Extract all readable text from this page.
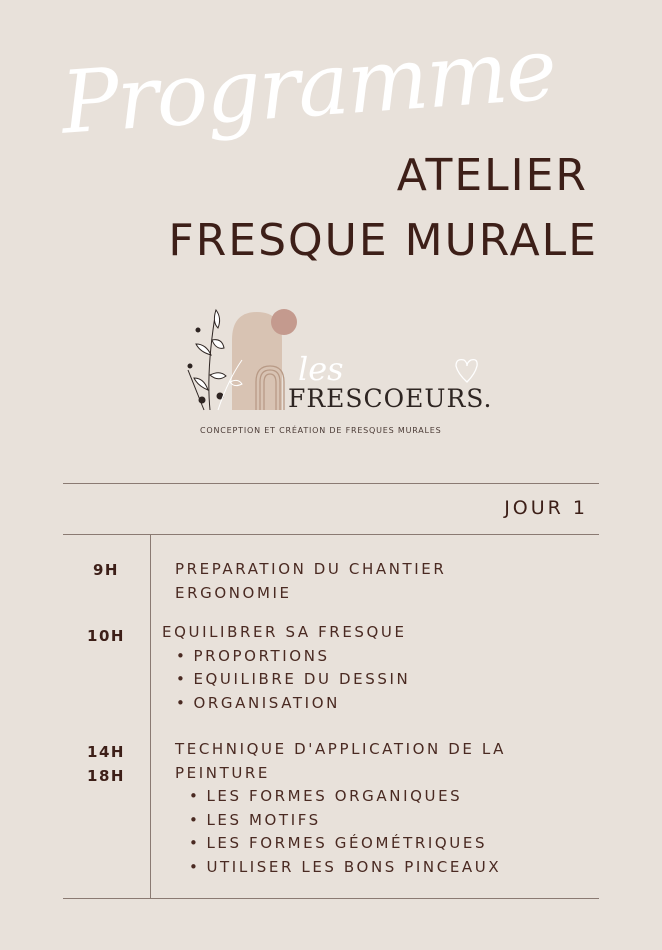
Programme
ATELIER
FRESQUE MURALE
les
FRESCOEURS.
CONCEPTION ET CRÉATION DE FRESQUES MURALES
JOUR 1
9H	PREPARATION DU CHANTIER
ERGONOMIE
10H EQUILIBRER SA FRESQUE
• PROPORTIONS
• EQUILIBRE DU DESSIN
• ORGANISATION
14H
18H
TECHNIQUE D'APPLICATION DE LA
PEINTURE
• LES FORMES ORGANIQUES
• LES MOTIFS
• LES FORMES GÉOMÉTRIQUES
• UTILISER LES BONS PINCEAUX
